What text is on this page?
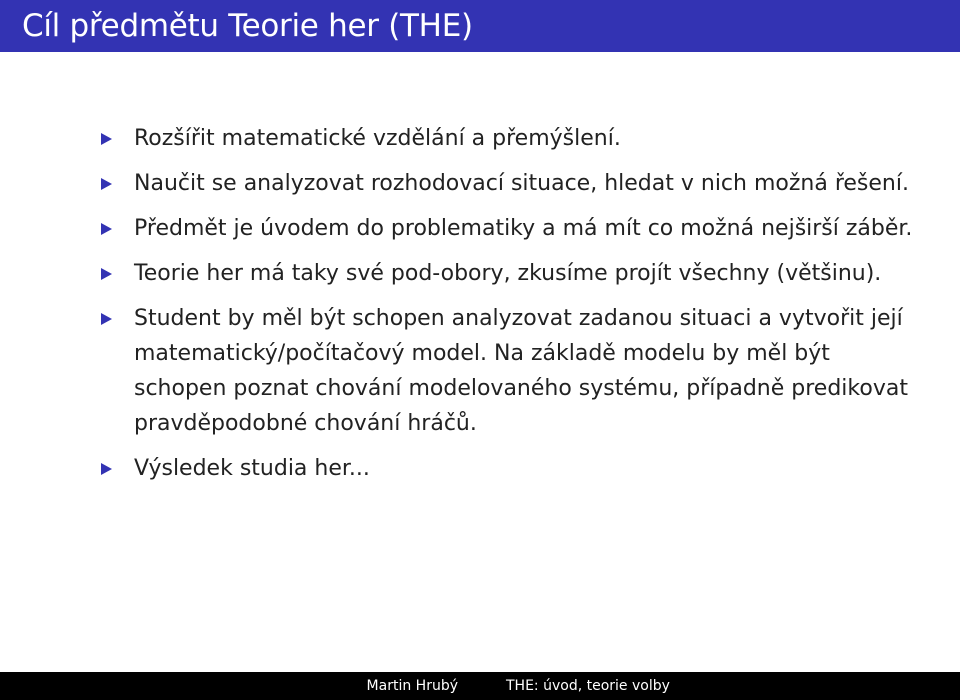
Cíl předmětu Teorie her (THE)
Rozšířit matematické vzdělání a přemýšlení.
Naučit se analyzovat rozhodovací situace, hledat v nich možná řešení.
Předmět je úvodem do problematiky a má mít co možná nejširší záběr.
Teorie her má taky své pod-obory, zkusíme projít všechny (většinu).
Student by měl být schopen analyzovat zadanou situaci a vytvořit její matematický/počítačový model. Na základě modelu by měl být schopen poznat chování modelovaného systému, případně predikovat pravděpodobné chování hráčů.
Výsledek studia her...
Martin Hrubý	THE: úvod, teorie volby
